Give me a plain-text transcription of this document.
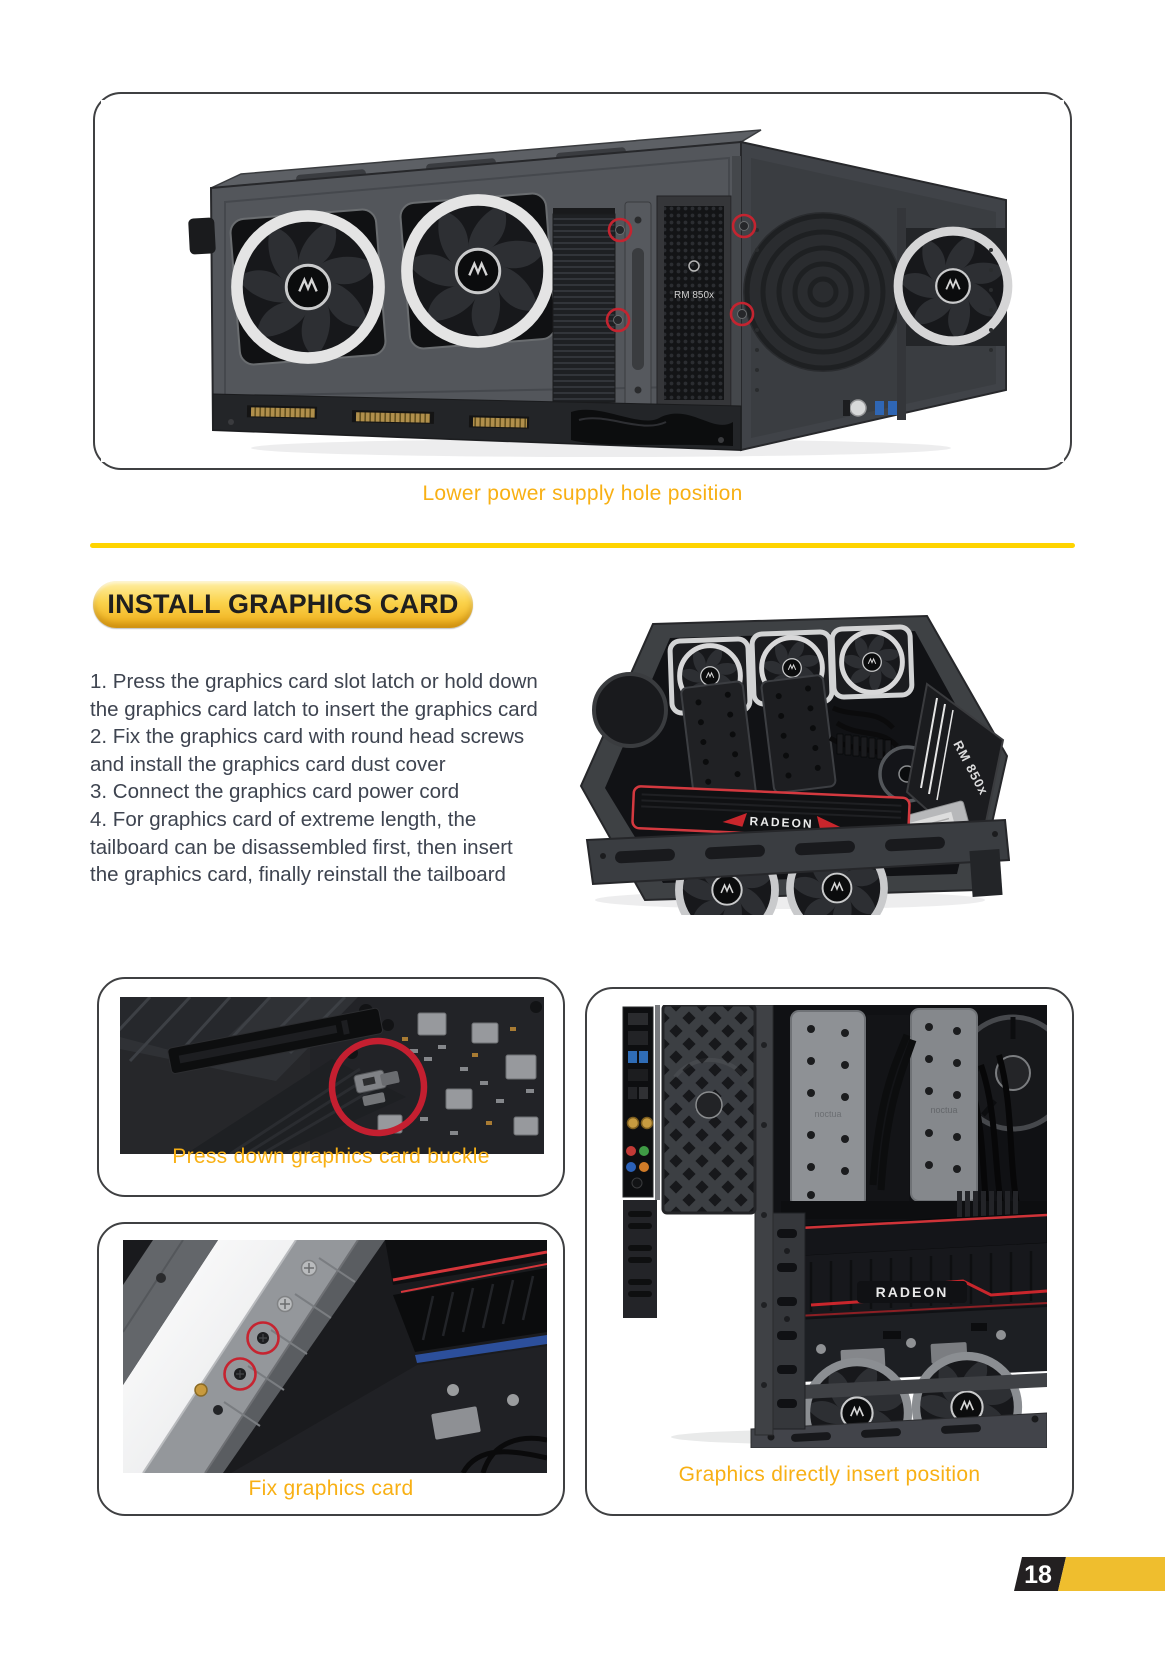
RM 850x
Lower power supply hole position
INSTALL GRAPHICS CARD
1. Press the graphics card slot latch or hold down
the graphics card latch to insert the graphics card
2. Fix the graphics card with round head screws
and install the graphics card dust cover
3. Connect the graphics card power cord
4. For graphics card of extreme length, the
tailboard can be disassembled first, then insert
the graphics card, finally reinstall the tailboard
RM 850x
RADEON
Press down graphics card buckle
Fix graphics card
noctua	noctua
RADEON
Graphics directly insert position
18
